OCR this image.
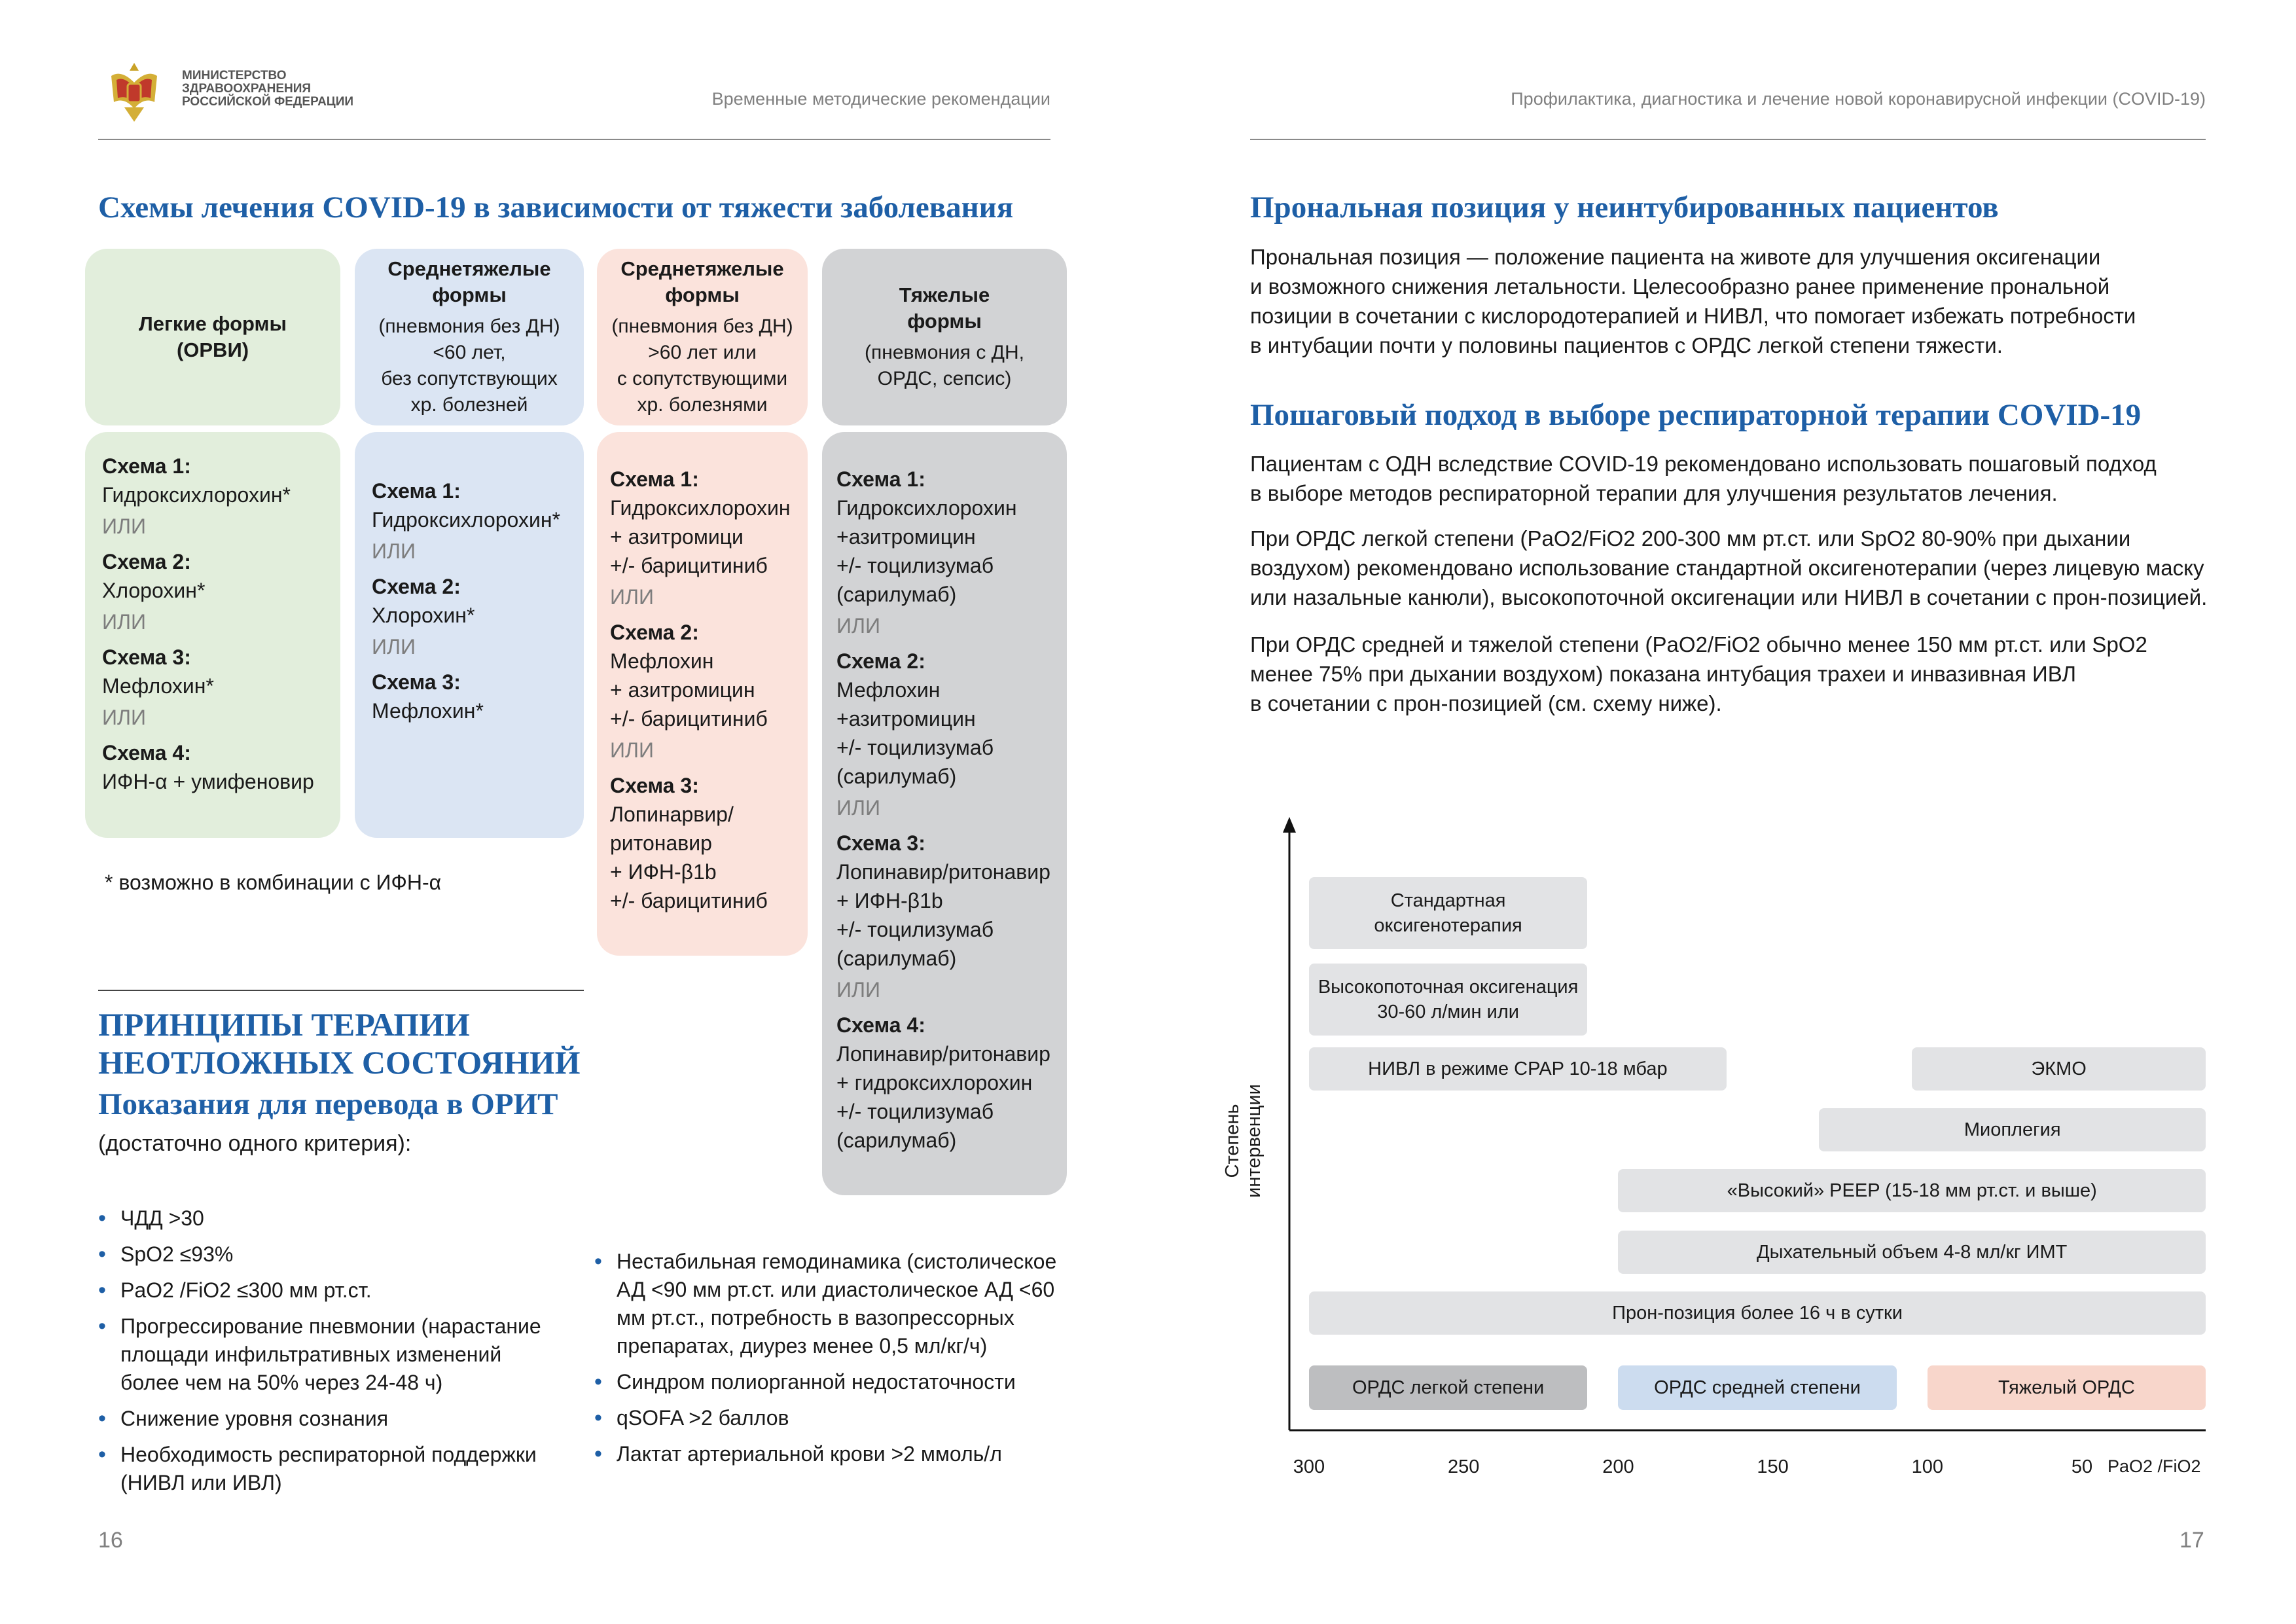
МИНИСТЕРСТВО
ЗДРАВООХРАНЕНИЯ
РОССИЙСКОЙ ФЕДЕРАЦИИ	Временные методические рекомендации
Схемы лечения COVID-19 в зависимости от тяжести заболевания
Легкие формы
(ОРВИ)
Схема 1:
Гидроксихлорохин*
ИЛИ
Схема 2:
Хлорохин*
ИЛИ
Схема 3:
Мефлохин*
ИЛИ
Схема 4:
ИФН-α + умифеновир
Среднетяжелые
формы
(пневмония без ДН)
<60 лет,
без сопутствующих
хр. болезней
Схема 1:
Гидроксихлорохин*
ИЛИ
Схема 2:
Хлорохин*
ИЛИ
Схема 3:
Мефлохин*
Среднетяжелые
формы
(пневмония без ДН)
>60 лет или
с сопутствующими
хр. болезнями
Схема 1:
Гидроксихлорохин
+ азитромици
+/- барицитиниб
ИЛИ
Схема 2:
Мефлохин
+ азитромицин
+/- барицитиниб
ИЛИ
Схема 3:
Лопинарвир/
ритонавир
+ ИФН-β1b
+/- барицитиниб
Тяжелые
формы
(пневмония с ДН,
ОРДС, сепсис)
Схема 1:
Гидроксихлорохин
+азитромицин
+/- тоцилизумаб
(сарилумаб)
ИЛИ
Схема 2:
Мефлохин
+азитромицин
+/- тоцилизумаб
(сарилумаб)
ИЛИ
Схема 3:
Лопинавир/ритонавир
+ ИФН-β1b
+/- тоцилизумаб
(сарилумаб)
ИЛИ
Схема 4:
Лопинавир/ритонавир
+ гидроксихлорохин
+/- тоцилизумаб
(сарилумаб)
* возможно в комбинации с ИФН-α
ПРИНЦИПЫ ТЕРАПИИ
НЕОТЛОЖНЫХ СОСТОЯНИЙ
Показания для перевода в ОРИТ
(достаточно одного критерия):
• ЧДД >30
• SpO2 ≤93%
• PaO2 /FiO2 ≤300 мм рт.ст.
• Прогрессирование пневмонии (нарастание площади инфильтративных изменений более чем на 50% через 24-48 ч)
• Снижение уровня сознания
• Необходимость респираторной поддержки (НИВЛ или ИВЛ)
• Нестабильная гемодинамика (систолическое АД <90 мм рт.ст. или диастолическое АД <60 мм рт.ст., потребность в вазопрессорных препаратах, диурез менее 0,5 мл/кг/ч)
• Синдром полиорганной недостаточности
• qSOFA >2 баллов
• Лактат артериальной крови >2 ммоль/л
16
Профилактика, диагностика и лечение новой коронавирусной инфекции (COVID-19)
Прональная позиция у неинтубированных пациентов
Прональная позиция — положение пациента на животе для улучшения оксигенации
и возможного снижения летальности. Целесообразно ранее применение прональной
позиции в сочетании с кислородотерапией и НИВЛ, что помогает избежать потребности
в интубации почти у половины пациентов с ОРДС легкой степени тяжести.
Пошаговый подход в выборе респираторной терапии COVID-19
Пациентам с ОДН вследствие COVID-19 рекомендовано использовать пошаговый подход
в выборе методов респираторной терапии для улучшения результатов лечения.
При ОРДС легкой степени (PaO2/FiO2 200-300 мм рт.ст. или SpO2 80-90% при дыхании
воздухом) рекомендовано использование стандартной оксигенотерапии (через лицевую маску
или назальные канюли), высокопоточной оксигенации или НИВЛ в сочетании с прон-позицией.
При ОРДС средней и тяжелой степени (PaO2/FiO2 обычно менее 150 мм рт.ст. или SpO2
менее 75% при дыхании воздухом) показана интубация трахеи и инвазивная ИВЛ
в сочетании с прон-позицией (см. схему ниже).
Степень интервенции
Стандартная
оксигенотерапия
Высокопоточная оксигенация
30-60 л/мин или
НИВЛ в режиме CPAP 10-18 мбар	ЭКМО
Миоплегия
«Высокий» PEEP (15-18 мм рт.ст. и выше)
Дыхательный объем 4-8 мл/кг ИМТ
Прон-позиция более 16 ч в сутки
ОРДС легкой степени	ОРДС средней степени	Тяжелый ОРДС
300	250	200	150	100	50 PaO2 /FiO2
17
